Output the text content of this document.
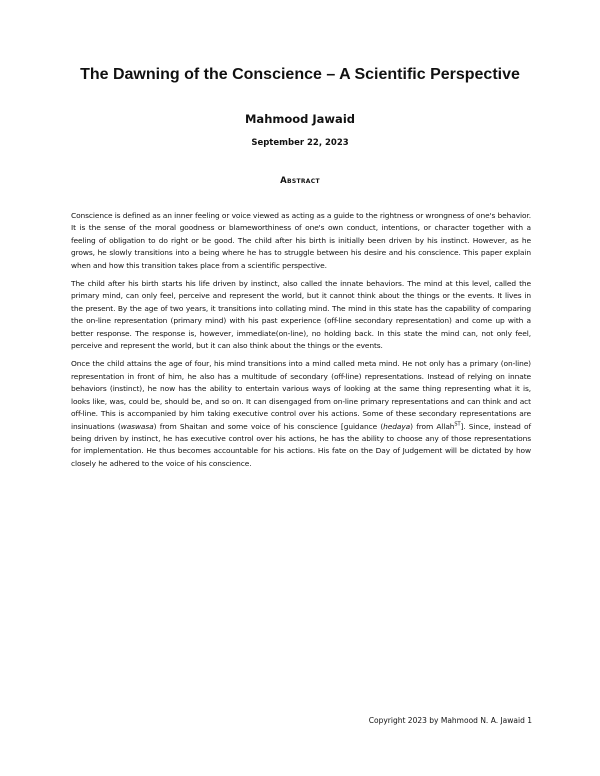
The Dawning of the Conscience – A Scientific Perspective
Mahmood Jawaid
September 22, 2023
Abstract

Conscience is defined as an inner feeling or voice viewed as acting as a guide to the rightness or wrongness of one's behavior. It is the sense of the moral goodness or blameworthiness of one's own conduct, intentions, or character together with a feeling of obligation to do right or be good. The child after his birth is initially been driven by his instinct. However, as he grows, he slowly transitions into a being where he has to struggle between his desire and his conscience. This paper explain when and how this transition takes place from a scientific perspective.

The child after his birth starts his life driven by instinct, also called the innate behaviors. The mind at this level, called the primary mind, can only feel, perceive and represent the world, but it cannot think about the things or the events. It lives in the present. By the age of two years, it transitions into collating mind. The mind in this state has the capability of comparing the on-line representation (primary mind) with his past experience (off-line secondary representation) and come up with a better response. The response is, however, immediate(on-line), no holding back. In this state the mind can, not only feel, perceive and represent the world, but it can also think about the things or the events.

Once the child attains the age of four, his mind transitions into a mind called meta mind. He not only has a primary (on-line) representation in front of him, he also has a multitude of secondary (off-line) representations. Instead of relying on innate behaviors (instinct), he now has the ability to entertain various ways of looking at the same thing representing what it is, looks like, was, could be, should be, and so on. It can disengaged from on-line primary representations and can think and act off-line. This is accompanied by him taking executive control over his actions. Some of these secondary representations are insinuations (waswasa) from Shaitan and some voice of his conscience [guidance (hedaya) from Allah$^{ST}$]. Since, instead of being driven by instinct, he has executive control over his actions, he has the ability to choose any of those representations for implementation. He thus becomes accountable for his actions. His fate on the Day of Judgement will be dictated by how closely he adhered to the voice of his conscience.

Copyright 2023 by Mahmood N. A. Jawaid 1
